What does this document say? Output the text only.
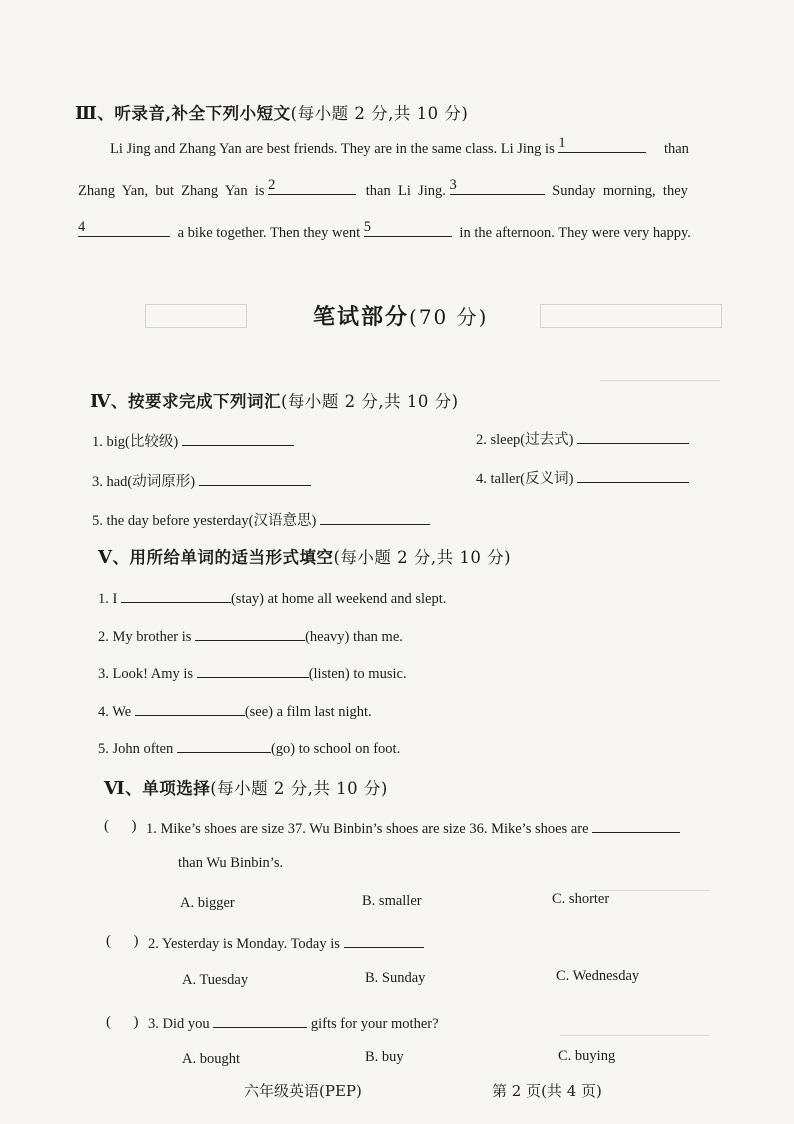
Ⅲ、听录音,补全下列小短文(每小题 2 分,共 10 分)
Li Jing and Zhang Yan are best friends. They are in the same class. Li Jing is 1	than
Zhang  Yan,  but  Zhang  Yan  is 2	than  Li  Jing. 3	Sunday  morning,  they
4	a bike together. Then they went 5	in the afternoon. They were very happy.
笔试部分(70 分)
Ⅳ、按要求完成下列词汇(每小题 2 分,共 10 分)
1. big(比较级)	2. sleep(过去式)
3. had(动词原形)	4. taller(反义词)
5. the day before yesterday(汉语意思)
Ⅴ、用所给单词的适当形式填空(每小题 2 分,共 10 分)
1. I	(stay) at home all weekend and slept.
2. My brother is	(heavy) than me.
3. Look! Amy is	(listen) to music.
4. We	(see) a film last night.
5. John often	(go) to school on foot.
Ⅵ、单项选择(每小题 2 分,共 10 分)
(      ) 1. Mike’s shoes are size 37. Wu Binbin’s shoes are size 36. Mike’s shoes are
than Wu Binbin’s.
A. bigger	B. smaller	C. shorter
(      ) 2. Yesterday is Monday. Today is
A. Tuesday	B. Sunday	C. Wednesday
(      ) 3. Did you	gifts for your mother?
A. bought	B. buy	C. buying
六年级英语(PEP)	第 2 页(共 4 页)
